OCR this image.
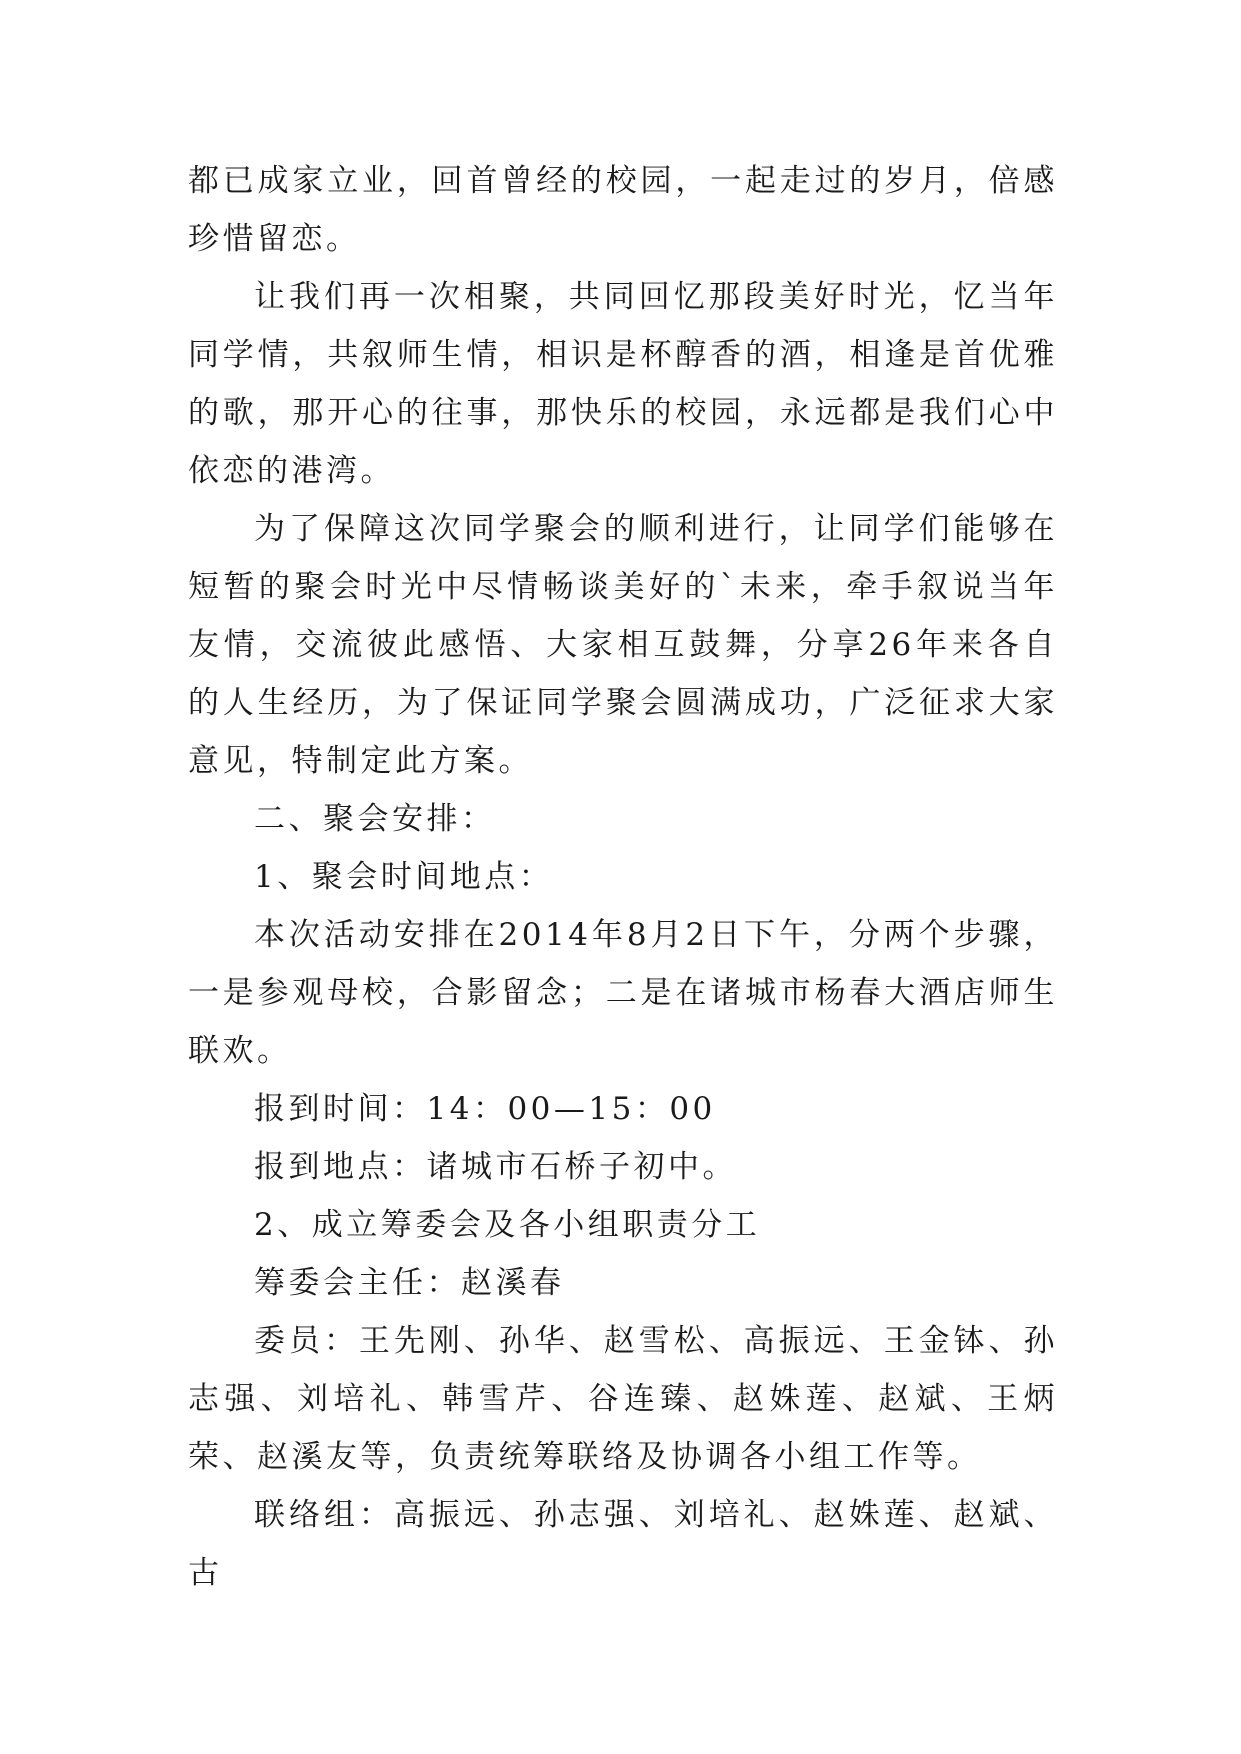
都已成家立业，回首曾经的校园，一起走过的岁月，倍感珍惜留恋。

让我们再一次相聚，共同回忆那段美好时光，忆当年同学情，共叙师生情，相识是杯醇香的酒，相逢是首优雅的歌，那开心的往事，那快乐的校园，永远都是我们心中依恋的港湾。

为了保障这次同学聚会的顺利进行，让同学们能够在短暂的聚会时光中尽情畅谈美好的`未来，牵手叙说当年友情，交流彼此感悟、大家相互鼓舞，分享26年来各自的人生经历，为了保证同学聚会圆满成功，广泛征求大家意见，特制定此方案。

二、聚会安排：

1、聚会时间地点：

本次活动安排在2014年8月2日下午，分两个步骤，一是参观母校，合影留念；二是在诸城市杨春大酒店师生联欢。

报到时间：14：00—15：00

报到地点：诸城市石桥子初中。

2、成立筹委会及各小组职责分工

筹委会主任：赵溪春

委员：王先刚、孙华、赵雪松、高振远、王金钵、孙志强、刘培礼、韩雪芹、谷连臻、赵姝莲、赵斌、王炳荣、赵溪友等，负责统筹联络及协调各小组工作等。

联络组：高振远、孙志强、刘培礼、赵姝莲、赵斌、古
